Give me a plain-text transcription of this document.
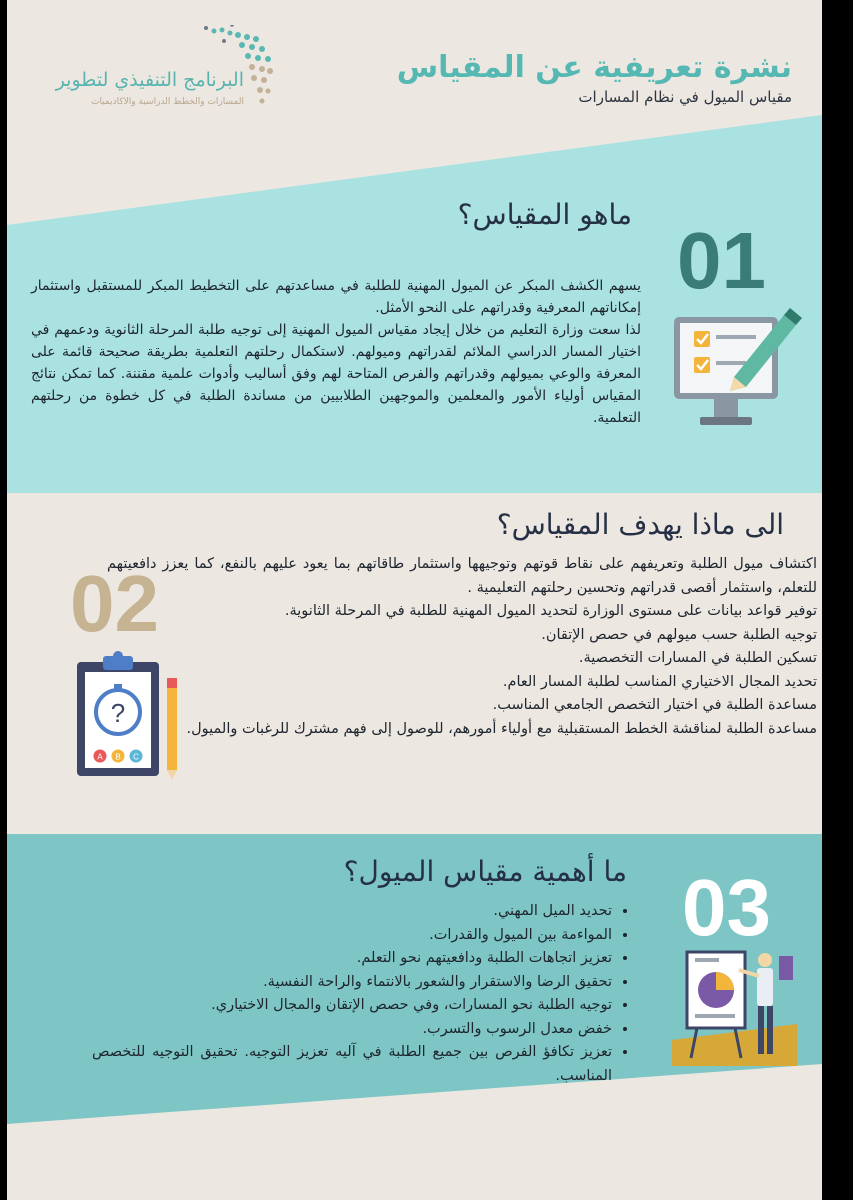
نشرة تعريفية عن المقياس
مقياس الميول في نظام المسارات
البرنامج التنفيذي لتطوير
المسارات والخطط الدراسية والاكاديميات
ماهو المقياس؟
01
يسهم الكشف المبكر عن الميول المهنية للطلبة في مساعدتهم على التخطيط المبكر للمستقبل واستثمار إمكاناتهم المعرفية وقدراتهم على النحو الأمثل.
لذا سعت وزارة التعليم من خلال إيجاد مقياس الميول المهنية إلى توجيه طلبة المرحلة الثانوية ودعمهم في اختيار المسار الدراسي الملائم لقدراتهم وميولهم. لاستكمال رحلتهم التعلمية بطريقة صحيحة قائمة على المعرفة والوعي بميولهم وقدراتهم والفرص المتاحة لهم وفق أساليب وأدوات علمية مقننة. كما تمكن نتائج المقياس أولياء الأمور والمعلمين والموجهين الطلابيين من مساندة الطلبة في كل خطوة من رحلتهم التعلمية.
الى ماذا يهدف المقياس؟
02
• اكتشاف ميول الطلبة وتعريفهم على نقاط قوتهم وتوجيهها واستثمار طاقاتهم بما يعود عليهم بالنفع، كما يعزز دافعيتهم للتعلم، واستثمار أقصى قدراتهم وتحسين رحلتهم التعليمية .
• توفير قواعد بيانات على مستوى الوزارة لتحديد الميول المهنية للطلبة في المرحلة الثانوية.
• توجيه الطلبة حسب ميولهم في حصص الإتقان.
• تسكين الطلبة في المسارات التخصصية.
• تحديد المجال الاختياري المناسب لطلبة المسار العام.
• مساعدة الطلبة في اختيار التخصص الجامعي المناسب.
• مساعدة الطلبة لمناقشة الخطط المستقبلية مع أولياء أمورهم، للوصول إلى فهم مشترك للرغبات والميول.
?
A B C
ما أهمية مقياس الميول؟ 03
• تحديد الميل المهني.
• المواءمة بين الميول والقدرات.
• تعزيز اتجاهات الطلبة ودافعيتهم نحو التعلم.
• تحقيق الرضا والاستقرار والشعور بالانتماء والراحة النفسية.
• توجيه الطلبة نحو المسارات، وفي حصص الإتقان والمجال الاختياري.
• خفض معدل الرسوب والتسرب.
• تعزيز تكافؤ الفرص بين جميع الطلبة في آليه تعزيز التوجيه. تحقيق التوجيه للتخصص المناسب.
